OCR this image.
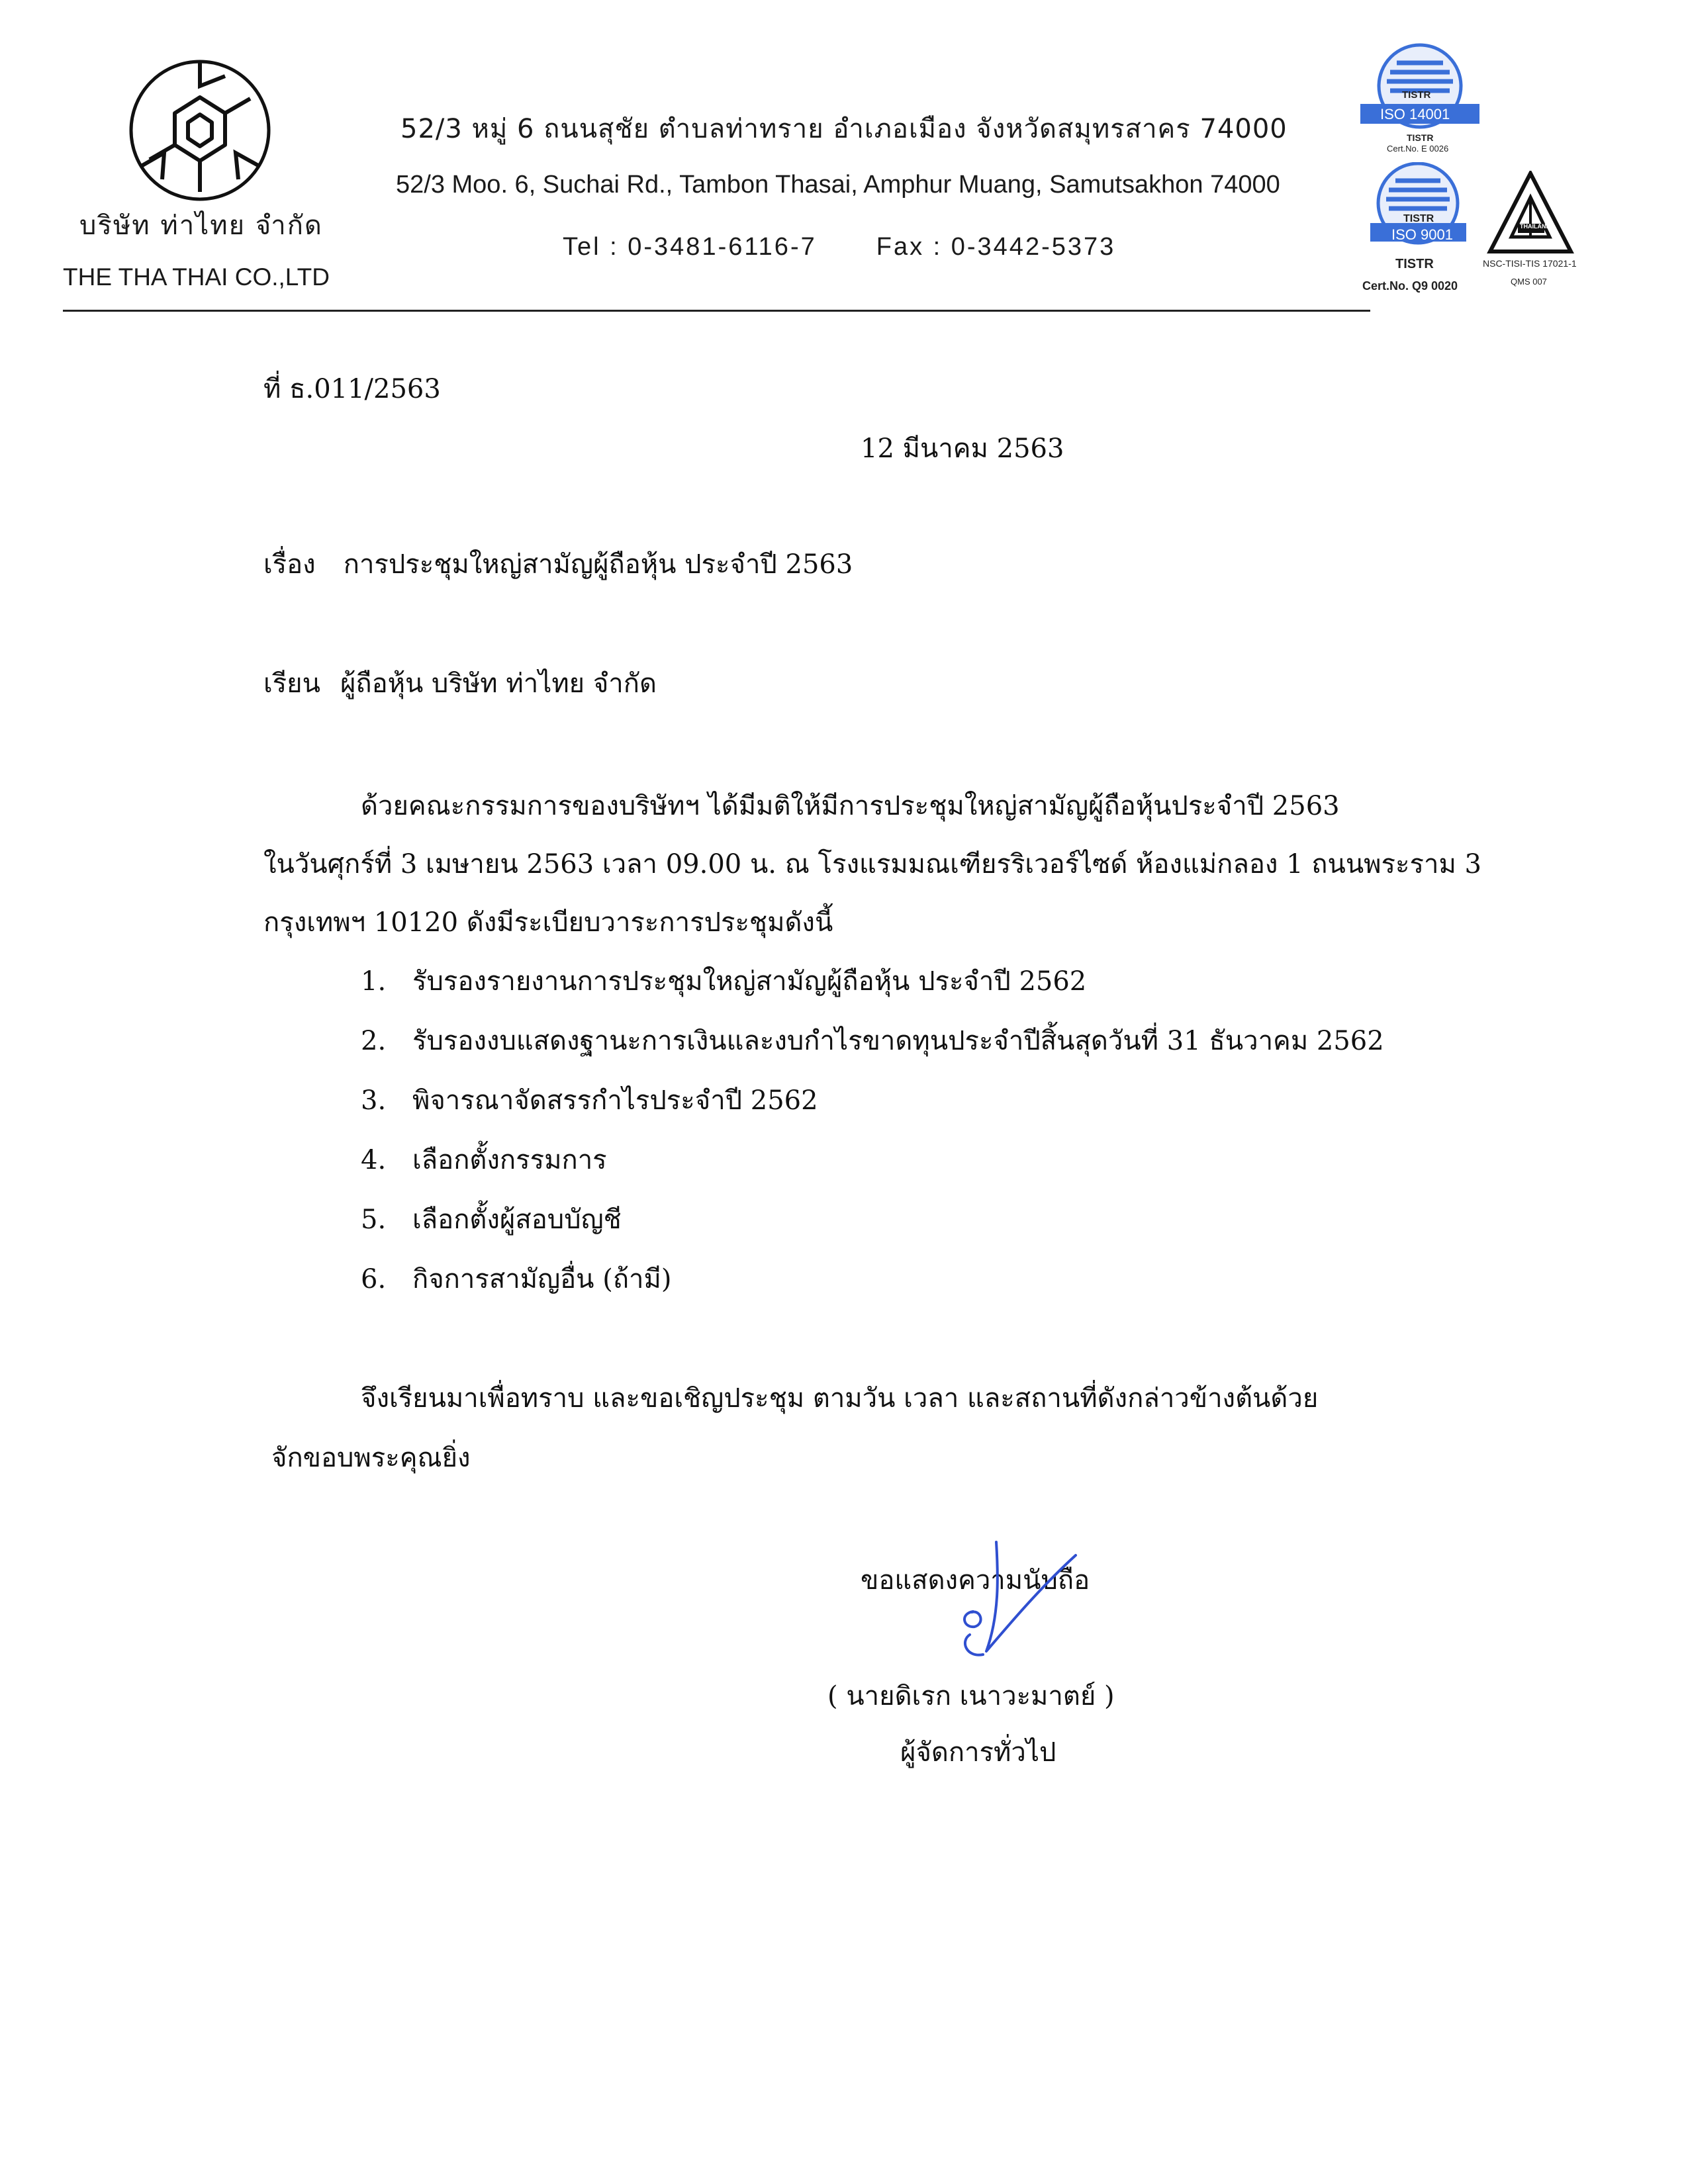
บริษัท ท่าไทย จำกัด
THE THA THAI CO.,LTD
52/3 หมู่ 6 ถนนสุชัย ตำบลท่าทราย อำเภอเมือง จังหวัดสมุทรสาคร 74000
52/3 Moo. 6, Suchai Rd., Tambon Thasai, Amphur Muang, Samutsakhon 74000
Tel : 0-3481-6116-7 Fax : 0-3442-5373
TISTR
ISO 14001
TISTR
Cert.No. E 0026
TISTR
ISO 9001
TISTR
Cert.No. Q9 0020
THAILAND
NSC-TISI-TIS 17021-1
QMS 007
ที่ ธ.011/2563
12 มีนาคม 2563
เรื่อง การประชุมใหญ่สามัญผู้ถือหุ้น ประจำปี 2563
เรียน ผู้ถือหุ้น บริษัท ท่าไทย จำกัด
ด้วยคณะกรรมการของบริษัทฯ ได้มีมติให้มีการประชุมใหญ่สามัญผู้ถือหุ้นประจำปี 2563
ในวันศุกร์ที่ 3 เมษายน 2563 เวลา 09.00 น. ณ โรงแรมมณเฑียรริเวอร์ไซด์ ห้องแม่กลอง 1 ถนนพระราม 3
กรุงเทพฯ 10120 ดังมีระเบียบวาระการประชุมดังนี้
1. รับรองรายงานการประชุมใหญ่สามัญผู้ถือหุ้น ประจำปี 2562
2. รับรองงบแสดงฐานะการเงินและงบกำไรขาดทุนประจำปีสิ้นสุดวันที่ 31 ธันวาคม 2562
3. พิจารณาจัดสรรกำไรประจำปี 2562
4. เลือกตั้งกรรมการ
5. เลือกตั้งผู้สอบบัญชี
6. กิจการสามัญอื่น (ถ้ามี)
จึงเรียนมาเพื่อทราบ และขอเชิญประชุม ตามวัน เวลา และสถานที่ดังกล่าวข้างต้นด้วย
จักขอบพระคุณยิ่ง
ขอแสดงความนับถือ
( นายดิเรก เนาวะมาตย์ )
ผู้จัดการทั่วไป
